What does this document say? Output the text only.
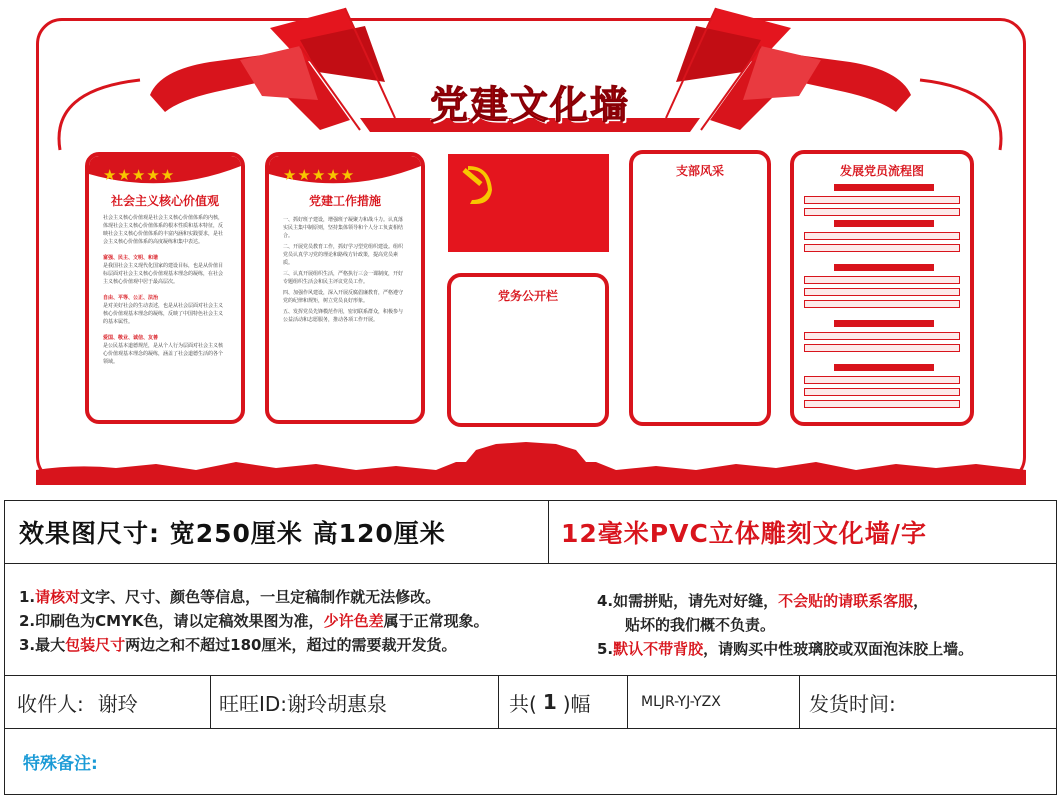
党建文化墙
★★★★★
社会主义核心价值观

社会主义核心价值观是社会主义核心价值体系的内核，体现社会主义核心价值体系的根本性质和基本特征，反映社会主义核心价值体系的丰富内涵和实践要求，是社会主义核心价值体系的高度凝练和集中表达。

富强、民主、文明、和谐

是我国社会主义现代化国家的建设目标，也是从价值目标层面对社会主义核心价值观基本理念的凝练，在社会主义核心价值观中居于最高层次。

自由、平等、公正、法治

是对美好社会的生动表述，也是从社会层面对社会主义核心价值观基本理念的凝练，反映了中国特色社会主义的基本属性。

爱国、敬业、诚信、友善

是公民基本道德规范，是从个人行为层面对社会主义核心价值观基本理念的凝练，涵盖了社会道德生活的各个领域。

★★★★★
党建工作措施

一、抓好班子建设，增强班子凝聚力和战斗力。认真落实民主集中制原则，坚持集体领导和个人分工负责相结合。

二、开展党员教育工作，抓好学习型党组织建设。组织党员认真学习党的理论和路线方针政策，提高党员素质。

三、认真开展组织生活，严格执行三会一课制度，开好专题组织生活会和民主评议党员工作。

四、加强作风建设，深入开展反腐倡廉教育，严格遵守党的纪律和规矩，树立党员良好形象。

五、发挥党员先锋模范作用，密切联系群众，积极参与公益活动和志愿服务，推动各项工作开展。

党务公开栏
支部风采	发展党员流程图
效果图尺寸: 宽250厘米 高120厘米	12毫米PVC立体雕刻文化墙/字
1.请核对文字、尺寸、颜色等信息，一旦定稿制作就无法修改。
2.印刷色为CMYK色，请以定稿效果图为准，少许色差属于正常现象。
3.最大包装尺寸两边之和不超过180厘米，超过的需要裁开发货。
4.如需拼贴，请先对好缝，不会贴的请联系客服，
贴坏的我们概不负责。
5.默认不带背胶，请购买中性玻璃胶或双面泡沫胶上墙。
收件人: 谢玲	旺旺ID: 谢玲胡惠泉	共( 1 )幅	MLJR-YJ-YZX	发货时间:
特殊备注:
